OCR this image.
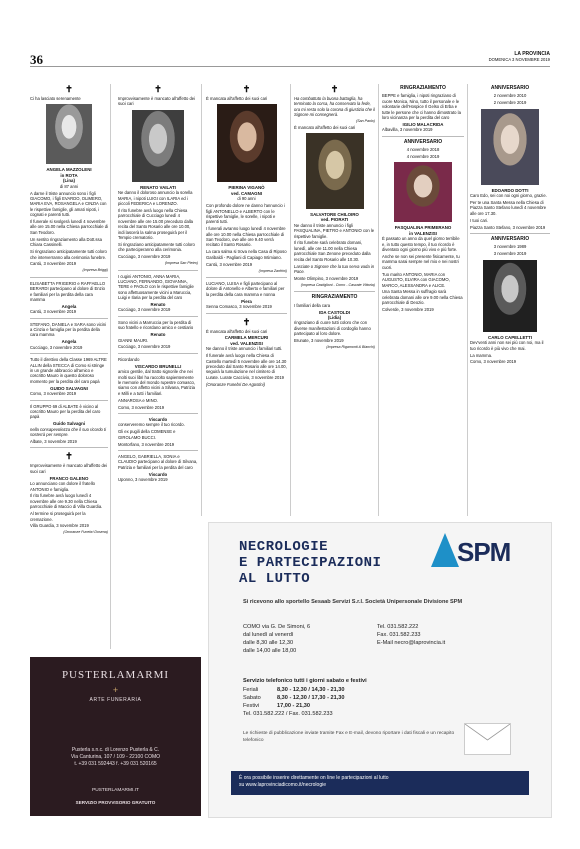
36	LA PROVINCIA
DOMENICA 3 NOVEMBRE 2019
✝

Ci ha lasciato serenamente

ANGELA MAZZOLENI
in ROTA
(Lina)

di 87 anni

A darne il triste annuncio sono i figli GIACOMO, i figli EVARDO, OLIMERO, MARIA EVA, ROSANGELA e CINZIA con le rispettive famiglie, gli amati nipoti, i cognati e parenti tutti.

Il funerale si svolgerà lunedì 4 novembre alle ore 15.00 nella Chiesa parrocchiale di San Teodoro.

Un sentito ringraziamento alla Dott.ssa Chiara Cassinelli.

Si ringraziano anticipatamente tutti coloro che interverranno alla cerimonia funebre.

Cantù, 3 novembre 2019

(Impresa Briggi)

ELISABETTA FRIGERIO e RAFFAELLO BERARDI partecipano al dolore di Enzio e familiari per la perdita della cara mamma

Angela

Cantù, 3 novembre 2019

STEFANO, DANIELA e SARA sono vicini a Cinzia e famiglia per la perdita della cara mamma

Angela

Cucciago, 3 novembre 2019

Tutto il direttivo della Classe 1969 ALTRE ALLIN della STECCA di Como si stringe in un grande abbraccio all'amico e coscritto Mauro in questo doloroso momento per la perdita del caro papà

GUIDO SALVAGNI

Como, 3 novembre 2019

Il GRUPPO 69 di ALBATE è vicino al coscritto Mauro per la perdita del caro papà

Guido Salvagni

nella consapevolezza che il suo ricordo ti sosterrà per sempre.

Albate, 3 novembre 2019

✝

Improvvisamente è mancato all'affetto dei suoi cari

FRANCO GALENO

Lo annunciano con dolore il fratello ANTONIO e famiglia.

Il rito funebre avrà luogo lunedì 4 novembre alle ore 9.30 nella Chiesa parrocchiale di Maccio di Villa Guardia.

Al termine si proseguirà per la cremazione.

Villa Guardia, 3 novembre 2019

(Onoranze Funebri Dosena)
✝

Improvvisamente è mancato all'affetto dei suoi cari

RENATO VAILATI

Ne danno il doloroso annuncio la sorella MARIA, i nipoti LUIGI con ILARIA ed i piccoli FEDERICA e LORENZO.

Il rito funebre avrà luogo nella Chiesa parrocchiale di Cucciago lunedì 4 novembre alle ore 15.00 preceduto dalla recita del Santo Rosario alle ore 10.00, indi lascerà la salma proseguirà per il Tempio crematorio.

Si ringraziano anticipatamente tutti coloro che parteciperanno alla cerimonia.

Cucciago, 3 novembre 2019

(Impresa San Pietro)

I cugini ANTONIO, ANNA MARIA, LUCIANO, FERNANDO, GIOVANNA, TERE e PAOLO con le rispettive famiglie sono affettuosamente vicini a Maruccia, Luigi e Ilaria per la perdita del caro

Renato

Cucciago, 3 novembre 2019

Sono vicini a Marruccia per la perdita di suo fratello e ricordano amico e cestiario

Renato

GIANNI MAURI.

Cucciago, 3 novembre 2019

Ricordando

VISCARDO BRUNELLI

amico gentile, dal tratto signorile che nei molti suoi libri ha raccolto sapientemente le memorie del mondo rupestre comasco, siamo con affetto vicini a Silvana, Patrizia e Milli e a tutti i familiari.

ANNAROSA e MINO.

Como, 3 novembre 2019

Viscardo

conserveremo sempre il tuo ricordo.

Gli ex pugili della COMENSE e GIROLAMO BUCCI.

Montorfano, 3 novembre 2019

ANGELO, GABRIELLA, SONIA e CLAUDIO partecipano al dolore di Silvana, Patrizia e familiari per la perdita del caro

Viscardo

Uponno, 3 novembre 2019

✝

È mancata all'affetto dei suoi cari

PIERINA VIGANÒ
ved. CAMAGNI

di 90 anni

Con profondo dolore ne danno l'annuncio i figli ANTONELLO e ALBERTO con le rispettive famiglie, le sorelle, i nipoti e parenti tutti.

I funerali avranno luogo lunedì 4 novembre alle ore 10.00 nella Chiesa parrocchiale di San Teodoro, ove alle ore 9.40 verrà recitato il Santo Rosario.

La cara salma si trova nella Casa di Riposo Garibaldi - Pagliani di Capiago Intimiano.

Cantù, 3 novembre 2019

(Impresa Zanfrini)

LUCIANO, LUISA e figli partecipano al dolore di Antonello e Alberto e familiari per la perdita della cara mamma e nonna

Piera

Senna Comasco, 3 novembre 2019

✝

È mancata all'affetto dei suoi cari

CARMELA MERCURI
ved. VALENZISI

Ne danno il triste annuncio i familiari tutti.

Il funerale avrà luogo nella Chiesa di Castello martedì 5 novembre alle ore 14.30 preceduto dal Santo Rosario alle ore 14.00, seguirà la tumulazione nel cimitero di Lurate. Lurate Caccivio, 3 novembre 2019

(Onoranze Funebri De Agostini)

✝

Ha combattuto la buona battaglia, ha terminato la corsa, ha conservato la fede, ora mi resta solo la corona di giustizia che il Signore mi consegnerà.

(San Paolo)

È mancato all'affetto dei suoi cari

SALVATORE CHILOIRO
ved. PIORATI

Ne danno il triste annuncio i figli PASQUALINA, PIETRO e ANTONIO con le rispettive famiglie.

Il rito funebre sarà celebrato domani, lunedì, alle ore 11.00 nella Chiesa parrocchiale San Zenone preceduto dalla recita del Santo Rosario alle 10.30.

Lasciate o Signore che la tua serva vada in Pace.

Monte Olimpino, 3 novembre 2019

(Impresa Castiglioni - Como - Cascate Vittoria)
RINGRAZIAMENTO

I familiari della cara

IDA CASTOLDI
(Lidia)

ringraziano di cuore tutti coloro che con diverse manifestazioni di cordoglio hanno partecipato al loro dolore.

Brunate, 3 novembre 2019

(Impresa Rigamonti & Bianchi)
RINGRAZIAMENTO

BEPPE e famiglia, i nipoti ringraziano di cuore Monica, Nino, tutto il personale e le volontarie dell'Hospice Il Gelso di Erba e tutte le persone che ci hanno dimostrato la loro vicinanza per la perdita del caro

IGILIO MALACRIDA

Albavilla, 3 novembre 2019

ANNIVERSARIO

4 novembre 2018

4 novembre 2019

PASQUALINA PRIMERANO
in VALENZISI

È passato un anno da quel giorno terribile e, in tutto questo tempo, il tuo ricordo è diventato ogni giorno più vivo e più forte.

Anche se non sei presente fisicamente, tu mamma sarai sempre nel mio e nei nostri cuori.

Tuo marito ANTONIO, MARIA con AUGUSTO, ELVIRA con GIACOMO, MARCO, ALESSANDRA e ALICE.

Una Santa Messa in suffragio sarà celebrata domani alle ore 9.00 nella Chiesa parrocchiale di Deozio.

Colverde, 3 novembre 2019

ANNIVERSARIO

2 novembre 2010

2 novembre 2019

EDOARDO DOTTI

Caro Edo, sei con noi ogni giorno, grazie.

Per te una Santa Messa nella Chiesa di Piazza Santo Stefano lunedì 4 novembre alle ore 17.30.

I tuoi cari.

Piazza Santo Stefano, 3 novembre 2019

ANNIVERSARIO

3 novembre 1989

3 novembre 2019

CARLO CAPELLETTI

Dev'venti anni non sei più con noi, ma il tuo ricordo è più vivo che mai.

La mamma.

Como, 3 novembre 2019

PUSTERLAMARMI
+
ARTE FUNERARIA
Pusterla s.n.c. di Lorenzo Pusterla & C.
Via Canturina, 107 / 109 - 22100 COMO
t. +39 031 592443 f. +39 031 520165
PUSTERLAMARMI.IT
SERVIZIO PROVVISORIO GRATUITO
NECROLOGIE
E PARTECIPAZIONI
AL LUTTO
SPM
Si ricevono allo sportello Sesaab Servizi S.r.l. Società Unipersonale Divisione SPM
COMO via G. De Simoni, 6
dal lunedì al venerdì
dalle 8,30 alle 12,30
dalle 14,00 alle 18,00
Tel. 031.582.222
Fax. 031.582.233
E-Mail necro@laprovincia.it
Servizio telefonico tutti i giorni sabato e festivi
Feriali	8,30 - 12,30 / 14,30 - 21,30
Sabato	8,30 - 12,30 / 17,30 - 21,30
Festivi	17,00 - 21,30
Tel. 031.582.222 / Fax. 031.582.233
Le richieste di pubblicazione inviate tramite Fax e E-mail, devono riportare i dati fiscali e un recapito telefonico
È ora possibile inserire direttamente on line le partecipazioni al lutto
su www.laprovinciadicomo.it/necrologie
